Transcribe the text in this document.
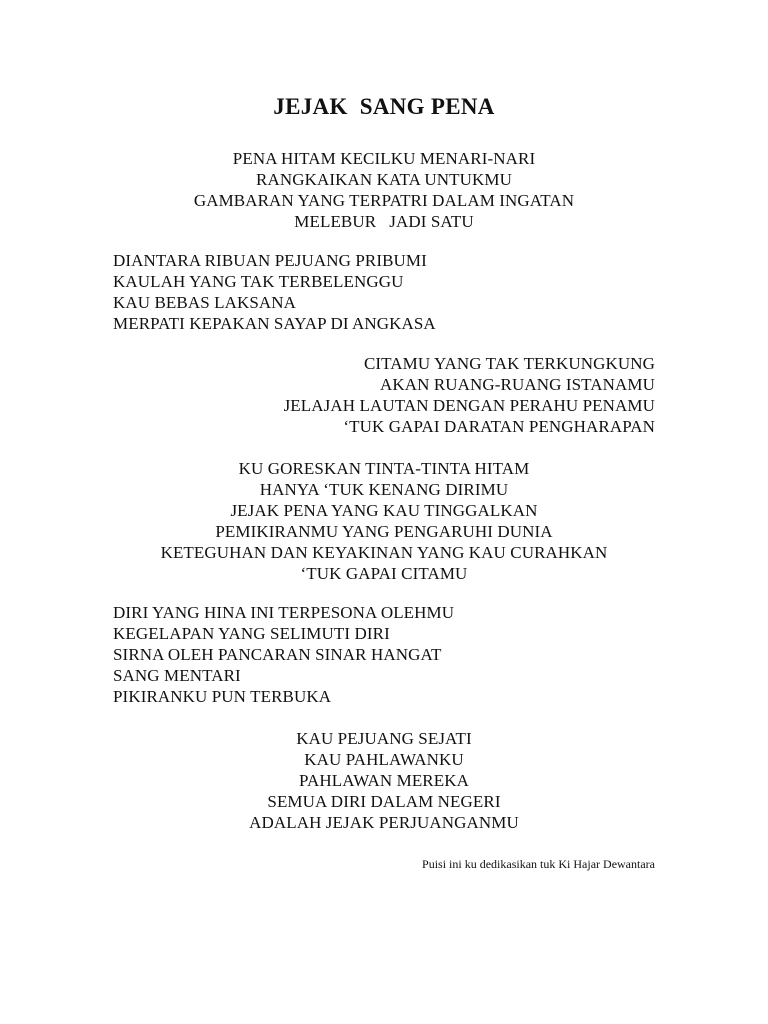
JEJAK  SANG PENA
PENA HITAM KECILKU MENARI-NARI
RANGKAIKAN KATA UNTUKMU
GAMBARAN YANG TERPATRI DALAM INGATAN
MELEBUR   JADI SATU
DIANTARA RIBUAN PEJUANG PRIBUMI
KAULAH YANG TAK TERBELENGGU
KAU BEBAS LAKSANA
MERPATI KEPAKAN SAYAP DI ANGKASA
CITAMU YANG TAK TERKUNGKUNG
AKAN RUANG-RUANG ISTANAMU
JELAJAH LAUTAN DENGAN PERAHU PENAMU
‘TUK GAPAI DARATAN PENGHARAPAN
KU GORESKAN TINTA-TINTA HITAM
HANYA ‘TUK KENANG DIRIMU
JEJAK PENA YANG KAU TINGGALKAN
PEMIKIRANMU YANG PENGARUHI DUNIA
KETEGUHAN DAN KEYAKINAN YANG KAU CURAHKAN
‘TUK GAPAI CITAMU
DIRI YANG HINA INI TERPESONA OLEHMU
KEGELAPAN YANG SELIMUTI DIRI
SIRNA OLEH PANCARAN SINAR HANGAT
SANG MENTARI
PIKIRANKU PUN TERBUKA
KAU PEJUANG SEJATI
KAU PAHLAWANKU
PAHLAWAN MEREKA
SEMUA DIRI DALAM NEGERI
ADALAH JEJAK PERJUANGANMU
Puisi ini ku dedikasikan tuk Ki Hajar Dewantara
